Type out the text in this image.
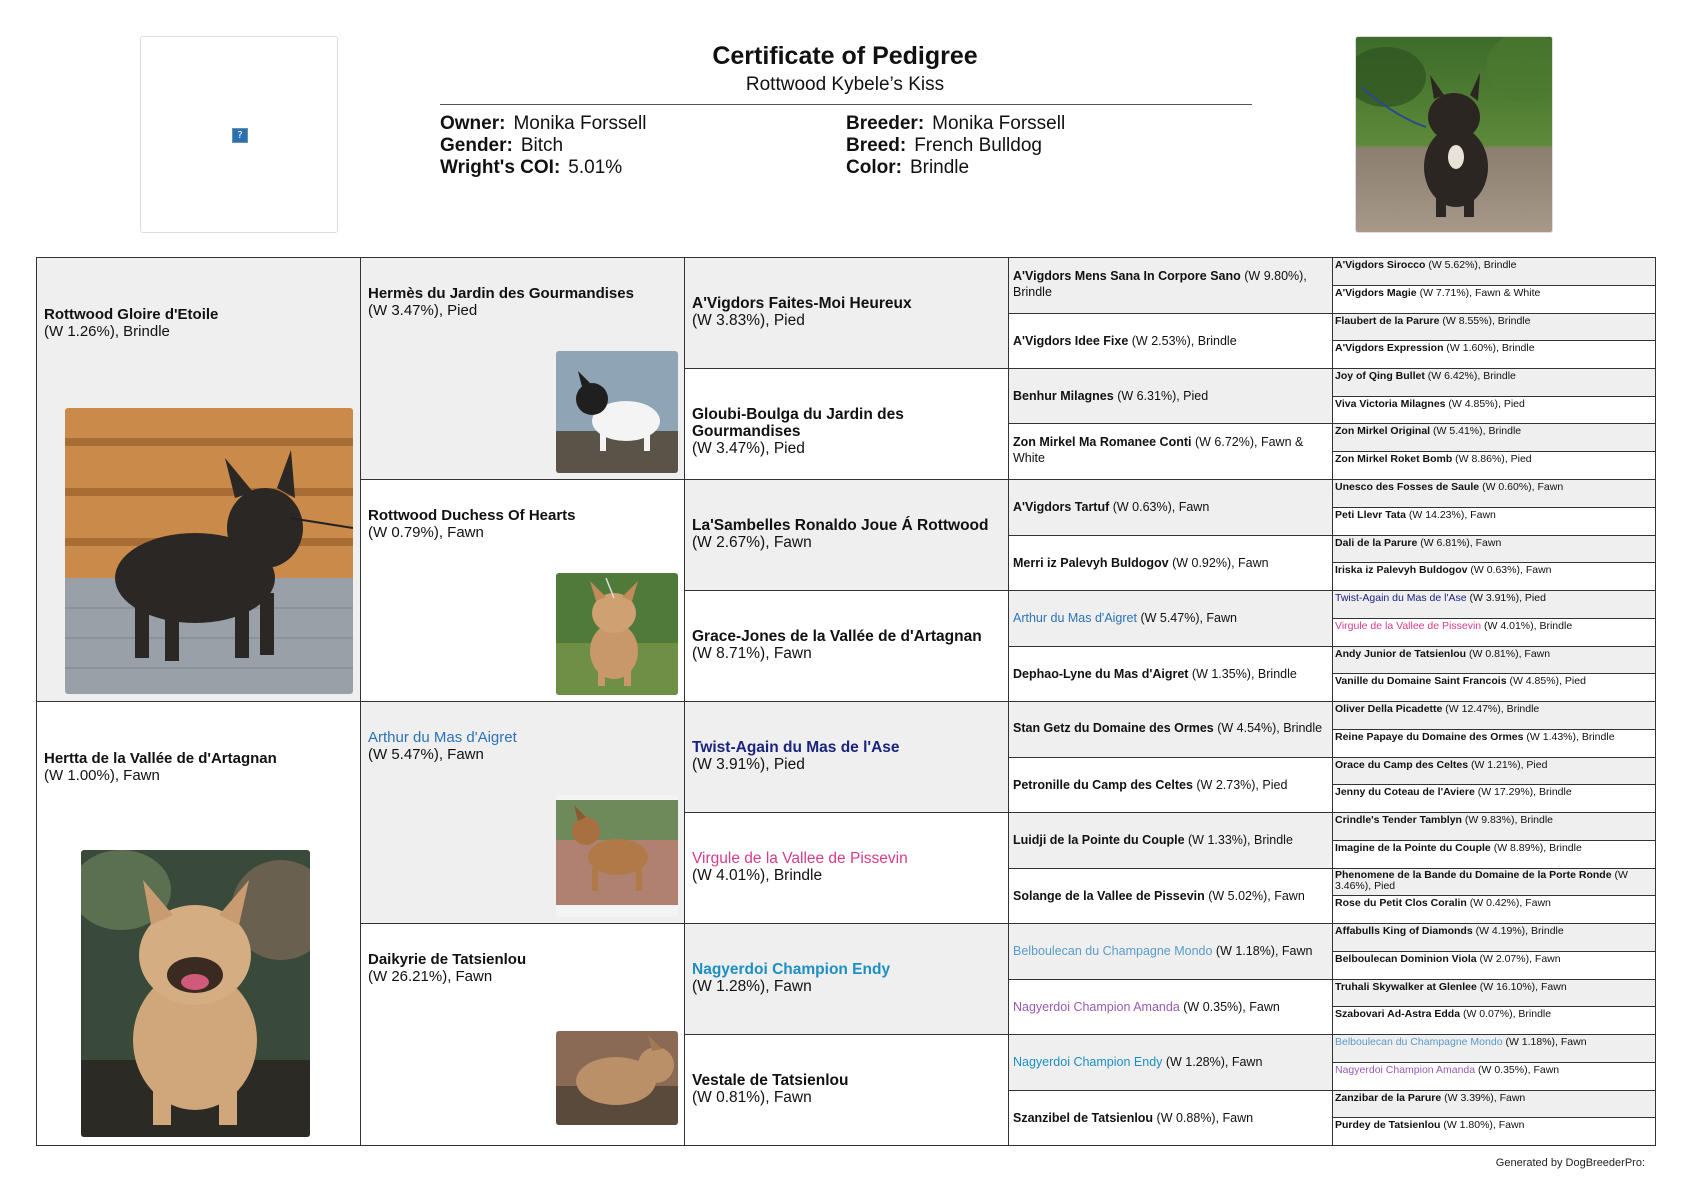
?
Certificate of Pedigree
Rottwood Kybele’s Kiss
Owner: Monika Forssell
Gender: Bitch
Wright's COI: 5.01%
Breeder: Monika Forssell
Breed: French Bulldog
Color: Brindle
Rottwood Gloire d'Etoile
(W 1.26%), Brindle
Hertta de la Vallée de d'Artagnan
(W 1.00%), Fawn
Hermès du Jardin des Gourmandises
(W 3.47%), Pied
Rottwood Duchess Of Hearts
(W 0.79%), Fawn
Arthur du Mas d'Aigret
(W 5.47%), Fawn
Daikyrie de Tatsienlou
(W 26.21%), Fawn
A'Vigdors Faites-Moi Heureux
(W 3.83%), Pied
Gloubi-Boulga du Jardin des Gourmandises
(W 3.47%), Pied
La'Sambelles Ronaldo Joue Á Rottwood
(W 2.67%), Fawn
Grace-Jones de la Vallée de d'Artagnan
(W 8.71%), Fawn
Twist-Again du Mas de l'Ase
(W 3.91%), Pied
Virgule de la Vallee de Pissevin
(W 4.01%), Brindle
Nagyerdoi Champion Endy
(W 1.28%), Fawn
Vestale de Tatsienlou
(W 0.81%), Fawn
A'Vigdors Mens Sana In Corpore Sano (W 9.80%), Brindle
A'Vigdors Idee Fixe (W 2.53%), Brindle
Benhur Milagnes (W 6.31%), Pied
Zon Mirkel Ma Romanee Conti (W 6.72%), Fawn & White
A'Vigdors Tartuf (W 0.63%), Fawn
Merri iz Palevyh Buldogov (W 0.92%), Fawn
Arthur du Mas d'Aigret (W 5.47%), Fawn
Dephao-Lyne du Mas d'Aigret (W 1.35%), Brindle
Stan Getz du Domaine des Ormes (W 4.54%), Brindle
Petronille du Camp des Celtes (W 2.73%), Pied
Luidji de la Pointe du Couple (W 1.33%), Brindle
Solange de la Vallee de Pissevin (W 5.02%), Fawn
Belboulecan du Champagne Mondo (W 1.18%), Fawn
Nagyerdoi Champion Amanda (W 0.35%), Fawn
Nagyerdoi Champion Endy (W 1.28%), Fawn
Szanzibel de Tatsienlou (W 0.88%), Fawn
A'Vigdors Sirocco (W 5.62%), Brindle
A'Vigdors Magie (W 7.71%), Fawn & White
Flaubert de la Parure (W 8.55%), Brindle
A'Vigdors Expression (W 1.60%), Brindle
Joy of Qing Bullet (W 6.42%), Brindle
Viva Victoria Milagnes (W 4.85%), Pied
Zon Mirkel Original (W 5.41%), Brindle
Zon Mirkel Roket Bomb (W 8.86%), Pied
Unesco des Fosses de Saule (W 0.60%), Fawn
Peti Llevr Tata (W 14.23%), Fawn
Dali de la Parure (W 6.81%), Fawn
Iriska iz Palevyh Buldogov (W 0.63%), Fawn
Twist-Again du Mas de l'Ase (W 3.91%), Pied
Virgule de la Vallee de Pissevin (W 4.01%), Brindle
Andy Junior de Tatsienlou (W 0.81%), Fawn
Vanille du Domaine Saint Francois (W 4.85%), Pied
Oliver Della Picadette (W 12.47%), Brindle
Reine Papaye du Domaine des Ormes (W 1.43%), Brindle
Orace du Camp des Celtes (W 1.21%), Pied
Jenny du Coteau de l'Aviere (W 17.29%), Brindle
Crindle's Tender Tamblyn (W 9.83%), Brindle
Imagine de la Pointe du Couple (W 8.89%), Brindle
Phenomene de la Bande du Domaine de la Porte Ronde (W 3.46%), Pied
Rose du Petit Clos Coralin (W 0.42%), Fawn
Affabulls King of Diamonds (W 4.19%), Brindle
Belboulecan Dominion Viola (W 2.07%), Fawn
Truhali Skywalker at Glenlee (W 16.10%), Fawn
Szabovari Ad-Astra Edda (W 0.07%), Brindle
Belboulecan du Champagne Mondo (W 1.18%), Fawn
Nagyerdoi Champion Amanda (W 0.35%), Fawn
Zanzibar de la Parure (W 3.39%), Fawn
Purdey de Tatsienlou (W 1.80%), Fawn
Generated by DogBreederPro:
